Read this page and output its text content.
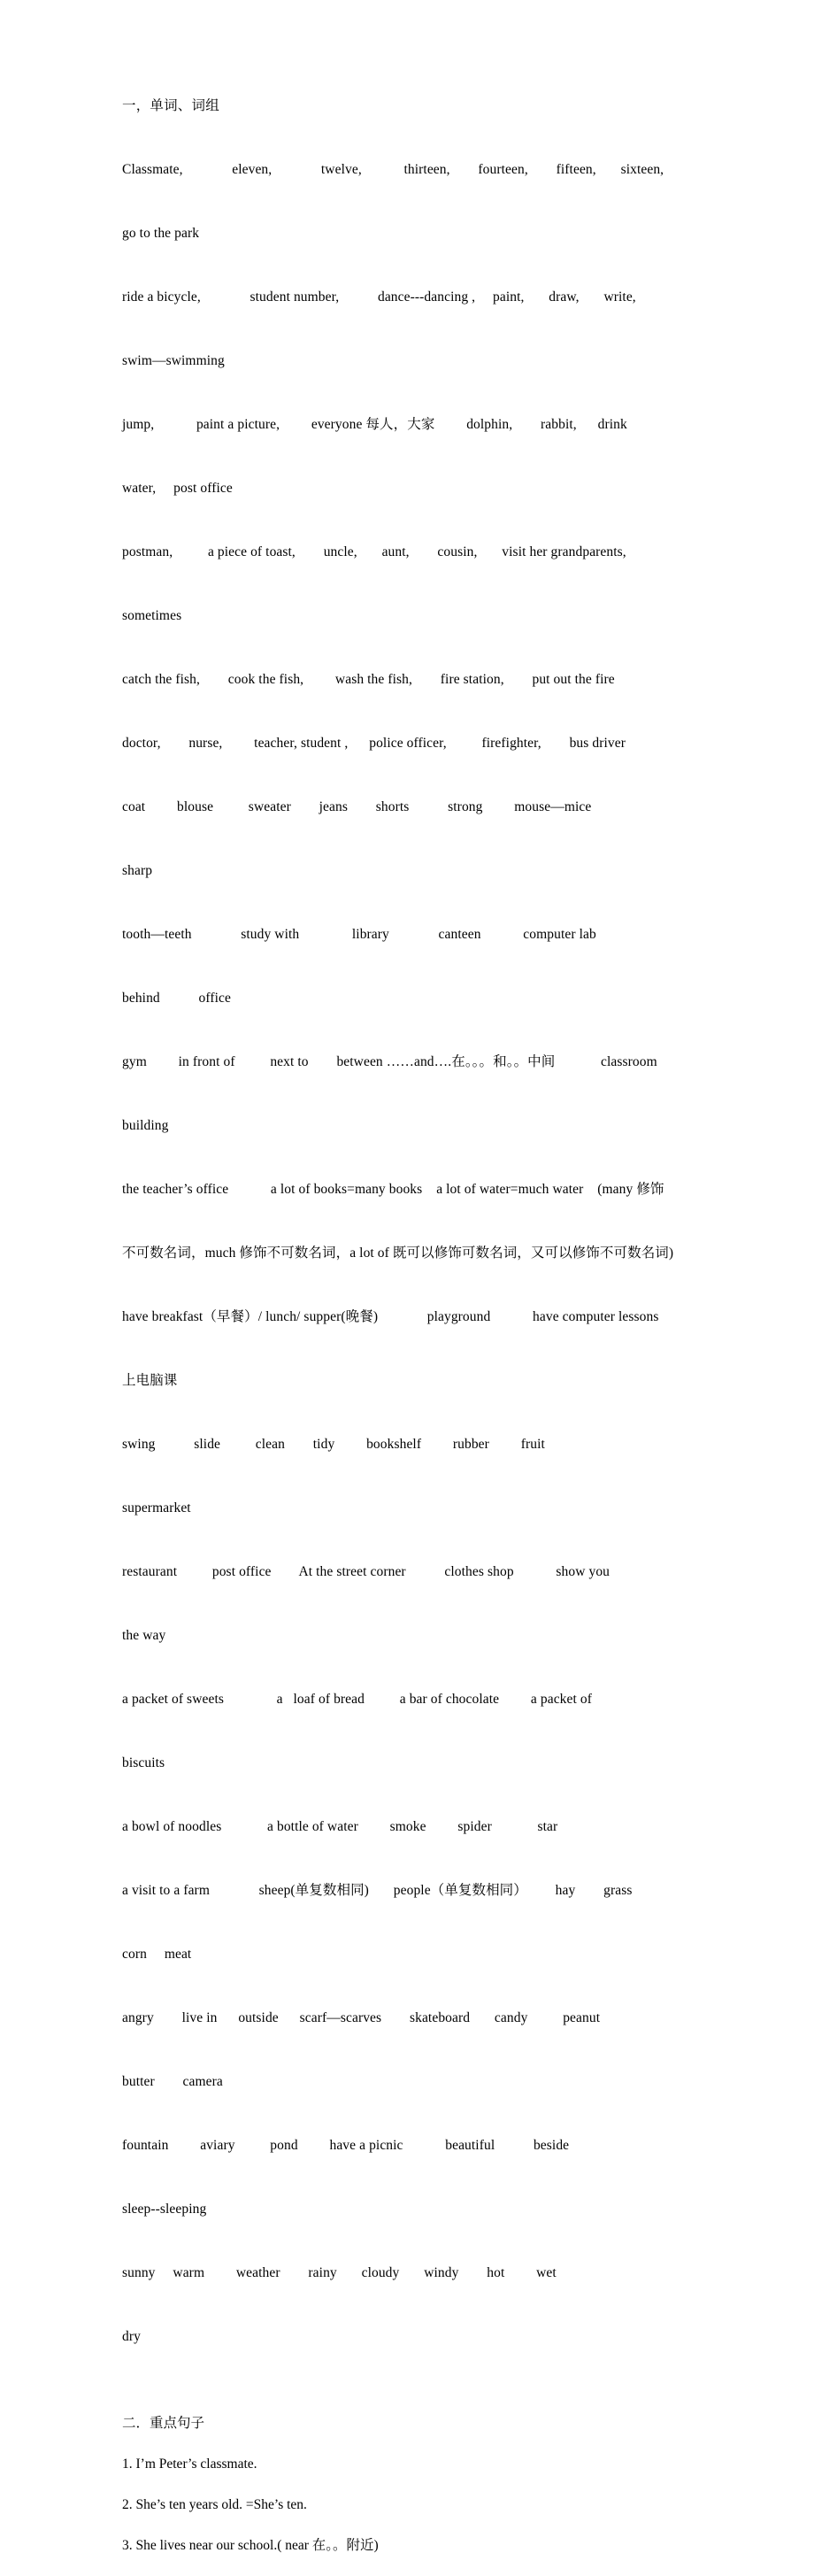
一，单词、词组

Classmate,              eleven,              twelve,            thirteen,        fourteen,        fifteen,       sixteen,

go to the park

ride a bicycle,              student number,           dance---dancing ,     paint,       draw,       write,

swim—swimming

jump,            paint a picture,         everyone 每人，大家         dolphin,        rabbit,      drink

water,     post office

postman,          a piece of toast,        uncle,       aunt,        cousin,       visit her grandparents,

sometimes

catch the fish,        cook the fish,         wash the fish,        fire station,        put out the fire

doctor,        nurse,         teacher, student ,      police officer,          firefighter,        bus driver

coat         blouse          sweater        jeans        shorts           strong         mouse—mice

sharp

tooth—teeth              study with               library              canteen            computer lab

behind           office

gym         in front of          next to        between ……and….在。。。和。。中间             classroom

building

the teacher’s office            a lot of books=many books    a lot of water=much water    (many 修饰

不可数名词，much 修饰不可数名词，a lot of 既可以修饰可数名词，又可以修饰不可数名词)

have breakfast（早餐）/ lunch/ supper(晚餐)              playground            have computer lessons

上电脑课

swing           slide          clean        tidy         bookshelf         rubber         fruit

supermarket

restaurant          post office        At the street corner           clothes shop            show you

the way

a packet of sweets               a   loaf of bread          a bar of chocolate         a packet of

biscuits

a bowl of noodles             a bottle of water         smoke         spider             star

a visit to a farm              sheep(单复数相同)       people（单复数相同）        hay        grass

corn     meat

angry        live in      outside      scarf—scarves        skateboard       candy          peanut

butter        camera

fountain         aviary          pond         have a picnic            beautiful           beside

sleep--sleeping

sunny     warm         weather        rainy       cloudy       windy        hot         wet

dry

二．重点句子
1. I’m Peter’s classmate.
2. She’s ten years old. =She’s ten.
3. She lives near our school.( near 在。。附近)
